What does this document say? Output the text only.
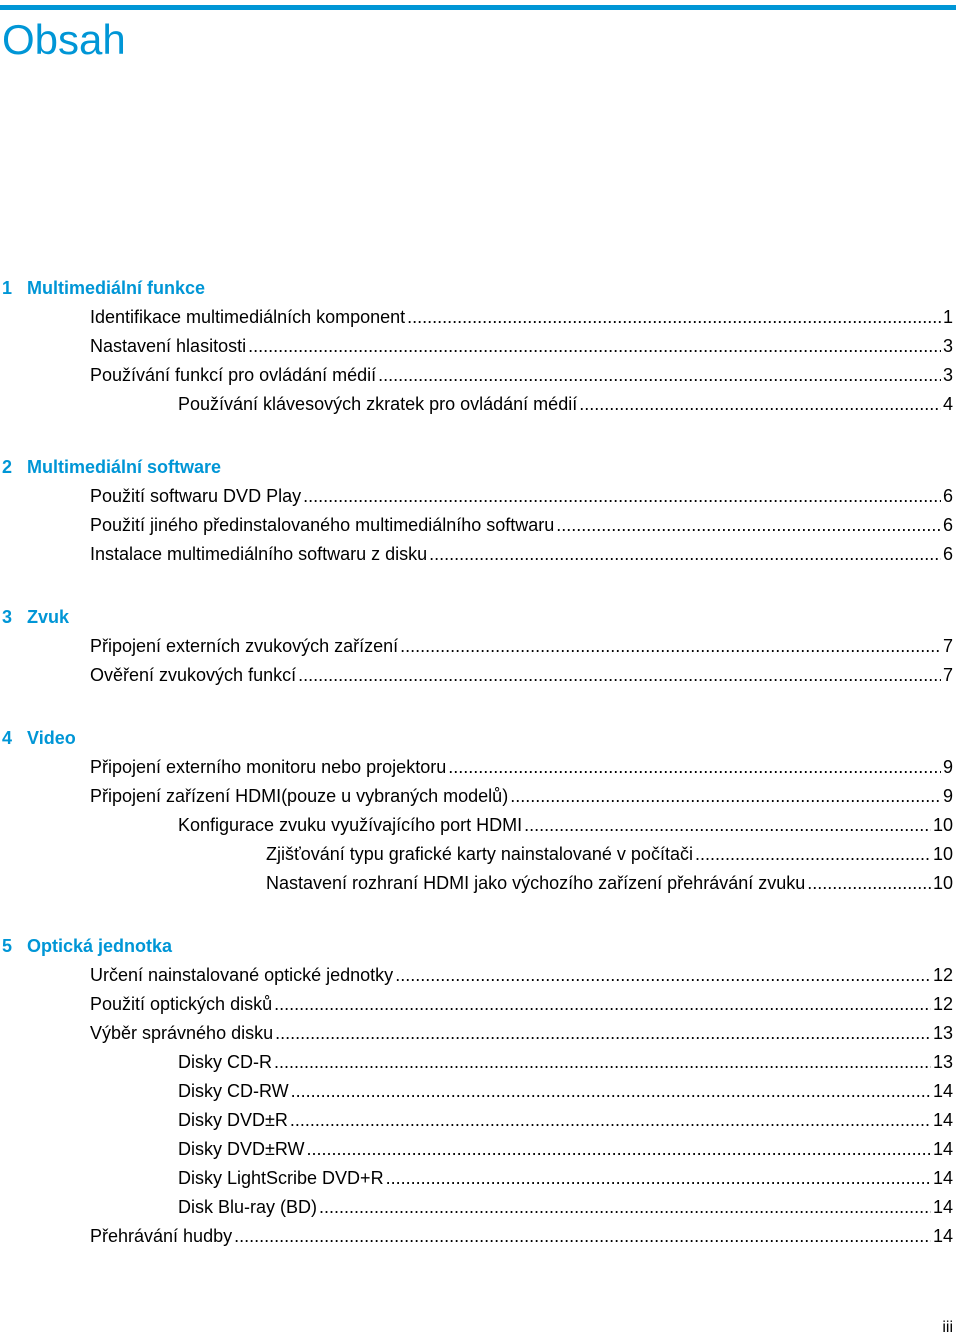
Obsah
1 Multimediální funkce
Identifikace multimediálních komponent .....	1
Nastavení hlasitosti .....	3
Používání funkcí pro ovládání médií .....	3
Používání klávesových zkratek pro ovládání médií .....	4
2 Multimediální software
Použití softwaru DVD Play .....	6
Použití jiného předinstalovaného multimediálního softwaru .....	6
Instalace multimediálního softwaru z disku .....	6
3 Zvuk
Připojení externích zvukových zařízení .....	7
Ověření zvukových funkcí .....	7
4 Video
Připojení externího monitoru nebo projektoru .....	9
Připojení zařízení HDMI(pouze u vybraných modelů) .....	9
Konfigurace zvuku využívajícího port HDMI .....	10
Zjišťování typu grafické karty nainstalované v počítači .....	10
Nastavení rozhraní HDMI jako výchozího zařízení přehrávání zvuku .....	10
5 Optická jednotka
Určení nainstalované optické jednotky .....	12
Použití optických disků .....	12
Výběr správného disku .....	13
Disky CD-R .....	13
Disky CD-RW .....	14
Disky DVD±R .....	14
Disky DVD±RW .....	14
Disky LightScribe DVD+R .....	14
Disk Blu-ray (BD) .....	14
Přehrávání hudby .....	14
iii
